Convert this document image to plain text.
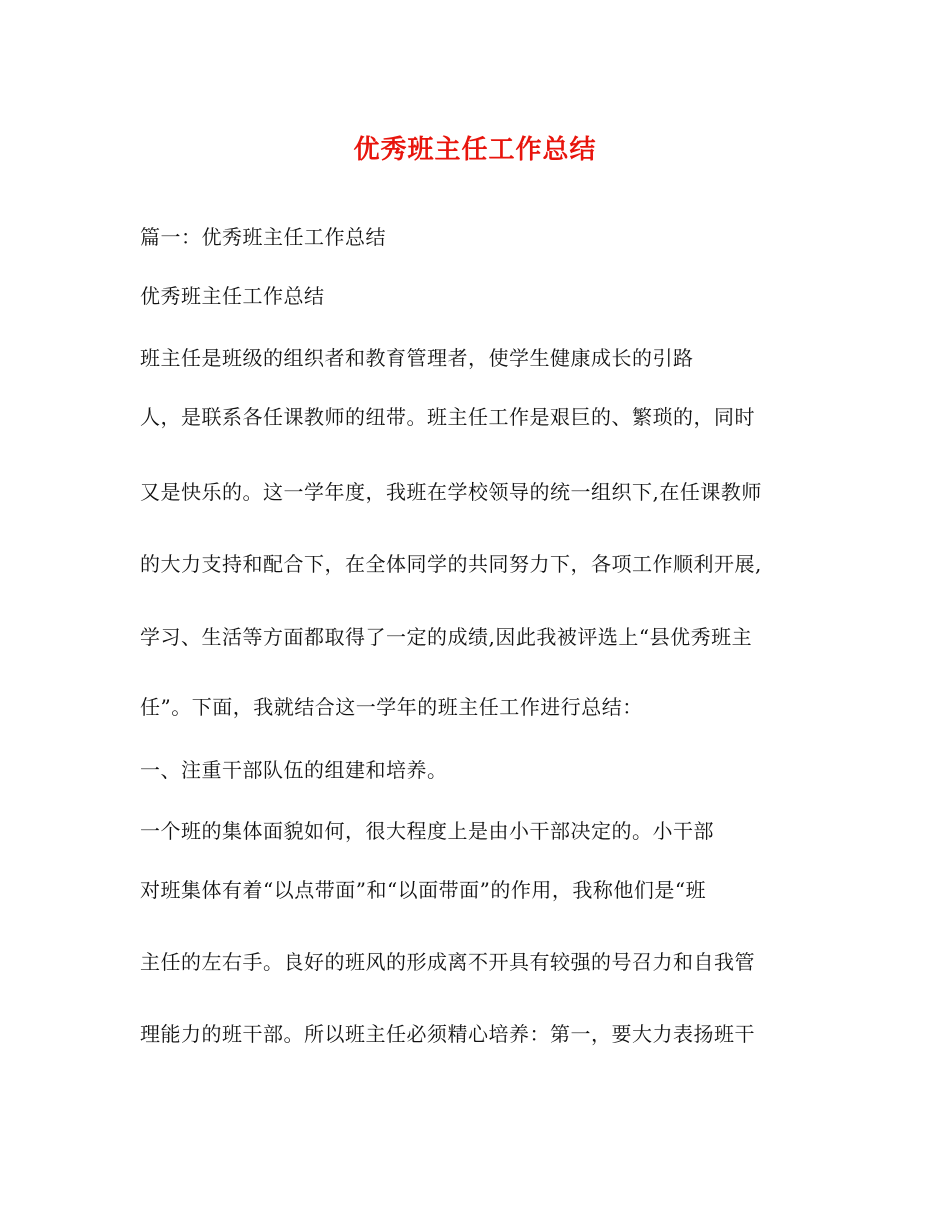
优秀班主任工作总结
篇一：优秀班主任工作总结
优秀班主任工作总结
班主任是班级的组织者和教育管理者，使学生健康成长的引路
人，是联系各任课教师的纽带。班主任工作是艰巨的、繁琐的，同时
又是快乐的。这一学年度，我班在学校领导的统一组织下,在任课教师
的大力支持和配合下，在全体同学的共同努力下，各项工作顺利开展,
学习、生活等方面都取得了一定的成绩,因此我被评选上“县优秀班主
任”。下面，我就结合这一学年的班主任工作进行总结：
一、注重干部队伍的组建和培养。
一个班的集体面貌如何，很大程度上是由小干部决定的。小干部
对班集体有着“以点带面”和“以面带面”的作用，我称他们是“班
主任的左右手。良好的班风的形成离不开具有较强的号召力和自我管
理能力的班干部。所以班主任必须精心培养：第一，要大力表扬班干
